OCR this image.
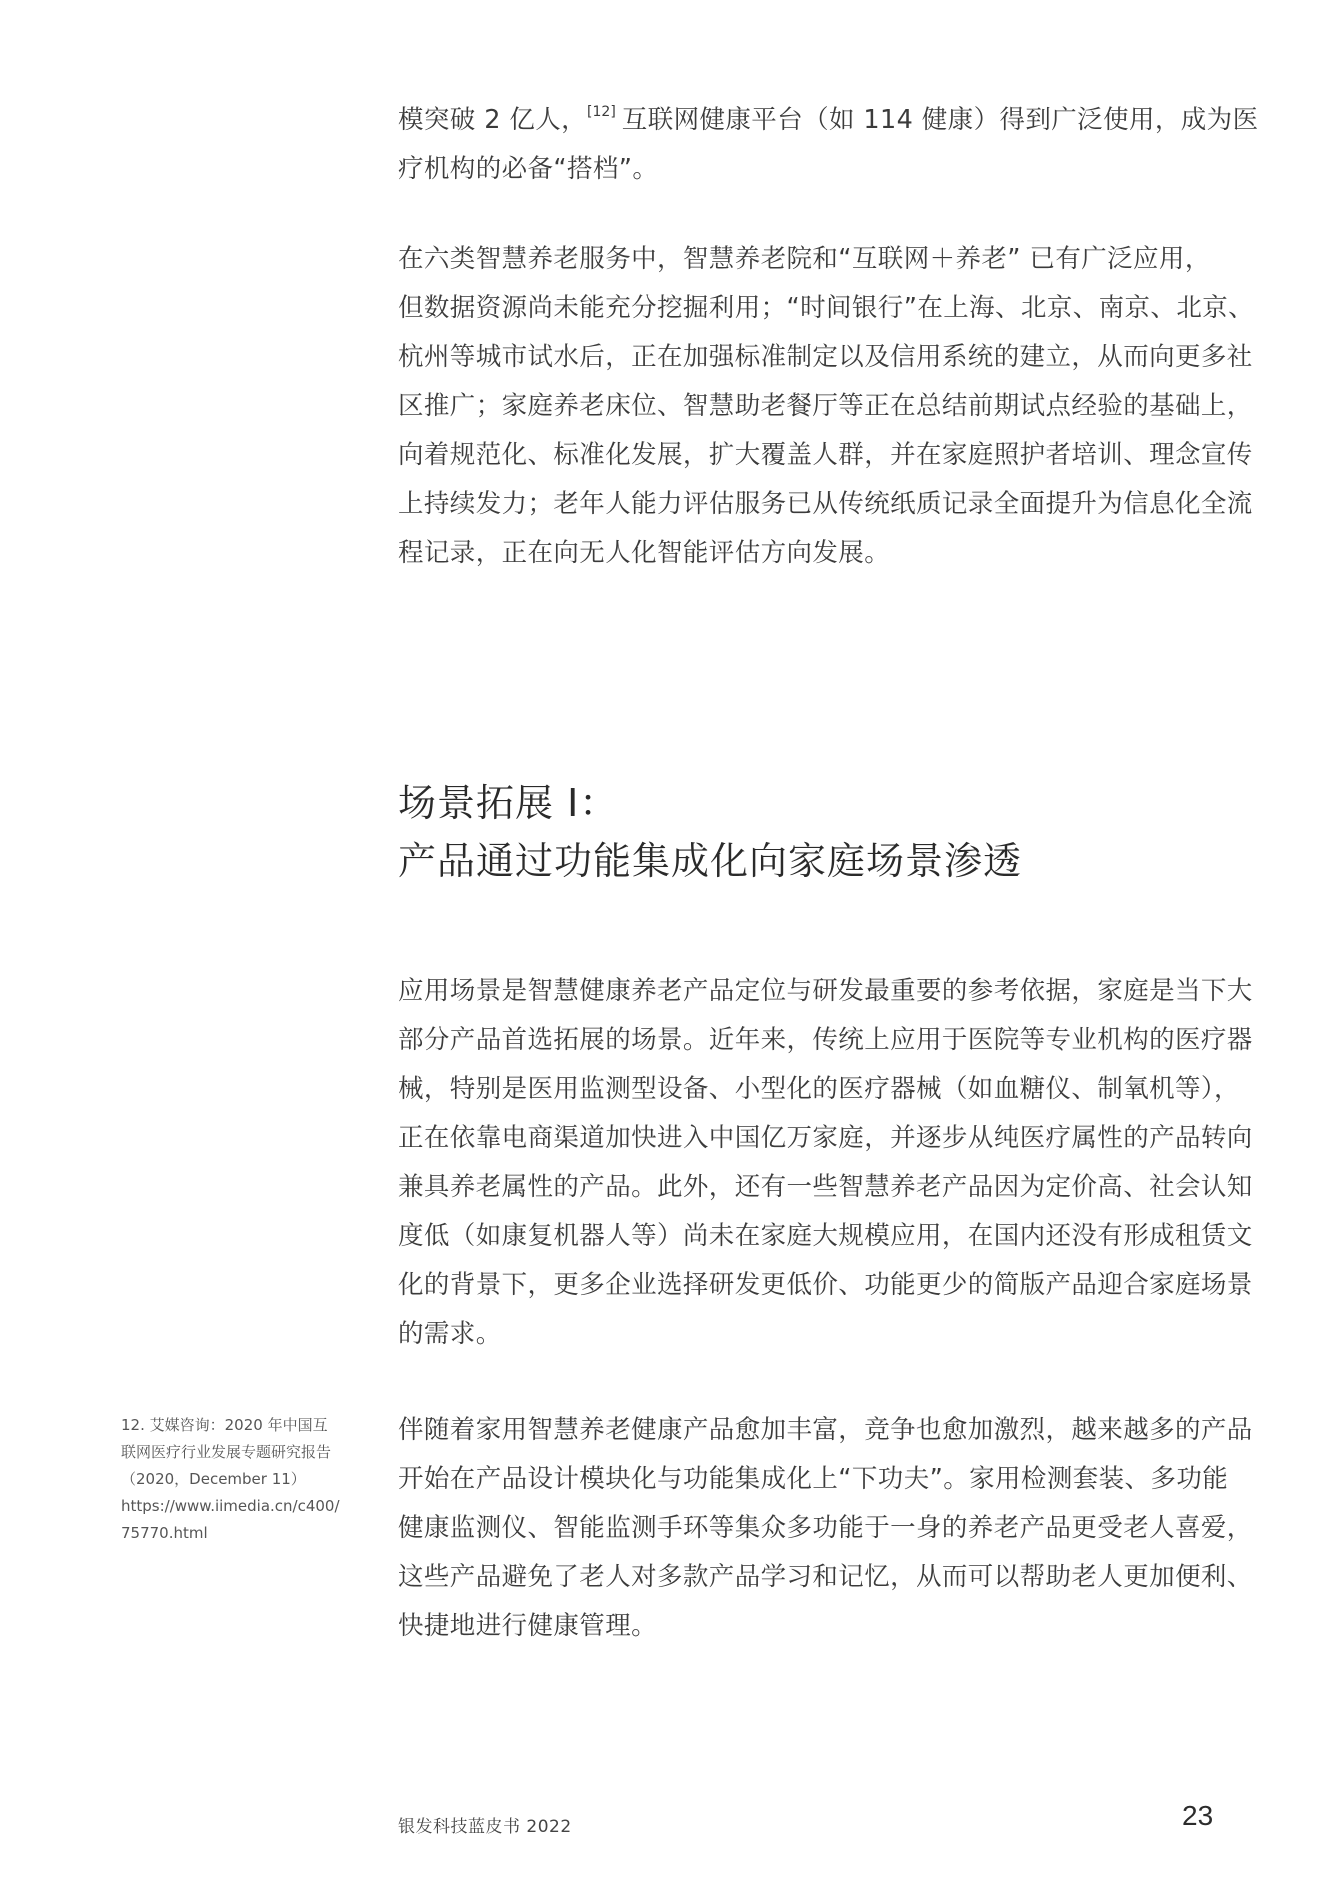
模突破 2 亿人，[12] 互联网健康平台（如 114 健康）得到广泛使用，成为医
疗机构的必备“搭档”。
在六类智慧养老服务中，智慧养老院和“互联网＋养老” 已有广泛应用，
但数据资源尚未能充分挖掘利用；“时间银行”在上海、北京、南京、北京、
杭州等城市试水后，正在加强标准制定以及信用系统的建立，从而向更多社
区推广；家庭养老床位、智慧助老餐厅等正在总结前期试点经验的基础上，
向着规范化、标准化发展，扩大覆盖人群，并在家庭照护者培训、理念宣传
上持续发力；老年人能力评估服务已从传统纸质记录全面提升为信息化全流
程记录，正在向无人化智能评估方向发展。
场景拓展 I：
产品通过功能集成化向家庭场景渗透
应用场景是智慧健康养老产品定位与研发最重要的参考依据，家庭是当下大
部分产品首选拓展的场景。近年来，传统上应用于医院等专业机构的医疗器
械，特别是医用监测型设备、小型化的医疗器械（如血糖仪、制氧机等），
正在依靠电商渠道加快进入中国亿万家庭，并逐步从纯医疗属性的产品转向
兼具养老属性的产品。此外，还有一些智慧养老产品因为定价高、社会认知
度低（如康复机器人等）尚未在家庭大规模应用，在国内还没有形成租赁文
化的背景下，更多企业选择研发更低价、功能更少的简版产品迎合家庭场景
的需求。
12. 艾媒咨询：2020 年中国互
联网医疗行业发展专题研究报告
（2020，December 11）
https://www.iimedia.cn/c400/
75770.html
伴随着家用智慧养老健康产品愈加丰富，竞争也愈加激烈，越来越多的产品
开始在产品设计模块化与功能集成化上“下功夫”。家用检测套装、多功能
健康监测仪、智能监测手环等集众多功能于一身的养老产品更受老人喜爱，
这些产品避免了老人对多款产品学习和记忆，从而可以帮助老人更加便利、
快捷地进行健康管理。
银发科技蓝皮书 2022	23
